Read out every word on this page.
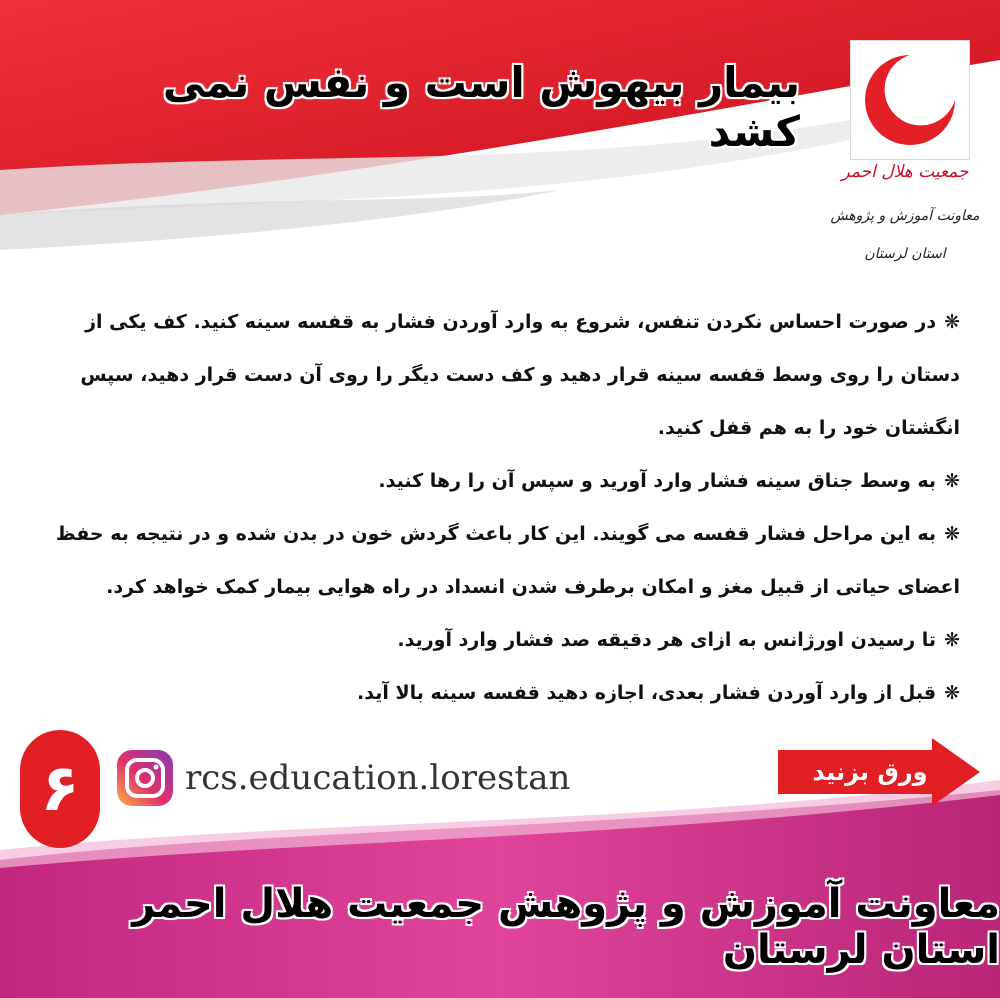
بیمار بیهوش است و نفس نمی کشد
جمعیت هلال احمر
معاونت آموزش و پژوهش
استان لرستان

❋در صورت احساس نکردن تنفس، شروع به وارد آوردن فشار به قفسه سینه کنید. کف یکی از دستان را روی وسط قفسه سینه قرار دهید و کف دست دیگر را روی آن دست قرار دهید، سپس انگشتان خود را به هم قفل کنید.

❋به وسط جناق سینه فشار وارد آورید و سپس آن را رها کنید.

❋به این مراحل فشار قفسه می گویند. این کار باعث گردش خون در بدن شده و در نتیجه به حفظ اعضای حیاتی از قبیل مغز و امکان برطرف شدن انسداد در راه هوایی بیمار کمک خواهد کرد.

❋تا رسیدن اورژانس به ازای هر دقیقه صد فشار وارد آورید.

❋قبل از وارد آوردن فشار بعدی، اجازه دهید قفسه سینه بالا آید.

۶	rcs.education.lorestan	ورق بزنید
معاونت آموزش و پژوهش جمعیت هلال احمر استان لرستان
